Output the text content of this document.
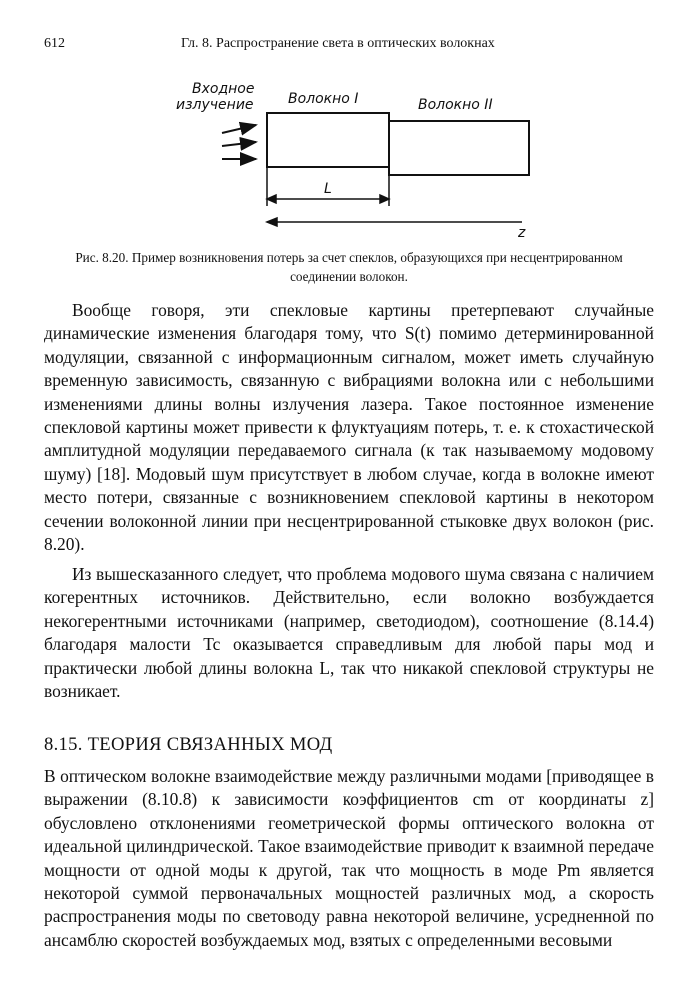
612	Гл. 8. Распространение света в оптических волокнах
Входное
излучение Волокно I	Волокно II
L
z

Рис. 8.20. Пример возникновения потерь за счет спеклов, образующихся при несцентрированном соединении волокон.

Вообще говоря, эти спекловые картины претерпевают случайные динамические изменения благодаря тому, что S(t) помимо детерминированной модуляции, связанной с информационным сигналом, может иметь случайную временную зависимость, связанную с вибрациями волокна или с небольшими изменениями длины волны излучения лазера. Такое постоянное изменение спекловой картины может привести к флуктуациям потерь, т. е. к стохастической амплитудной модуляции передаваемого сигнала (к так называемому модовому шуму) [18]. Модовый шум присутствует в любом случае, когда в волокне имеют место потери, связанные с возникновением спекловой картины в некотором сечении волоконной линии при несцентрированной стыковке двух волокон (рис. 8.20).

Из вышесказанного следует, что проблема модового шума связана с наличием когерентных источников. Действительно, если волокно возбуждается некогерентными источниками (например, светодиодом), соотношение (8.14.4) благодаря малости Tc оказывается справедливым для любой пары мод и практически любой длины волокна L, так что никакой спекловой структуры не возникает.

8.15. ТЕОРИЯ СВЯЗАННЫХ МОД

В оптическом волокне взаимодействие между различными модами [приводящее в выражении (8.10.8) к зависимости коэффициентов cm от координаты z] обусловлено отклонениями геометрической формы оптического волокна от идеальной цилиндрической. Такое взаимодействие приводит к взаимной передаче мощности от одной моды к другой, так что мощность в моде Pm является некоторой суммой первоначальных мощностей различных мод, а скорость распространения моды по световоду равна некоторой величине, усредненной по ансамблю скоростей возбуждаемых мод, взятых с определенными весовыми
